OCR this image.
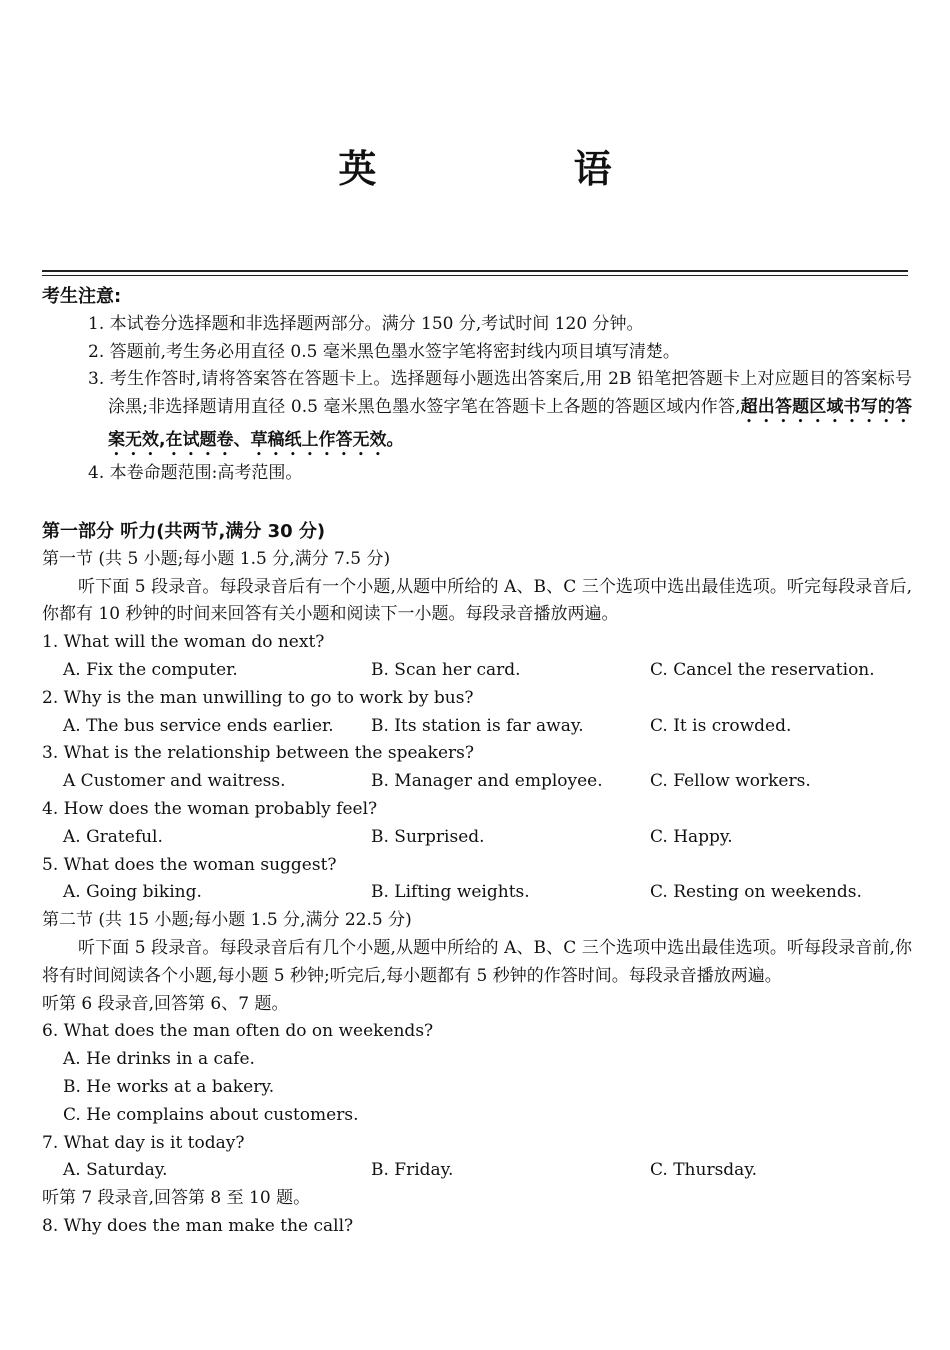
英 语
考生注意:
1. 本试卷分选择题和非选择题两部分。满分 150 分,考试时间 120 分钟。
2. 答题前,考生务必用直径 0.5 毫米黑色墨水签字笔将密封线内项目填写清楚。
3. 考生作答时,请将答案答在答题卡上。选择题每小题选出答案后,用 2B 铅笔把答题卡上对应题目的答案标号涂黑;非选择题请用直径 0.5 毫米黑色墨水签字笔在答题卡上各题的答题区域内作答,超出答题区域书写的答案无效,在试题卷、草稿纸上作答无效。
4. 本卷命题范围:高考范围。
第一部分 听力(共两节,满分 30 分)
第一节 (共 5 小题;每小题 1.5 分,满分 7.5 分)
听下面 5 段录音。每段录音后有一个小题,从题中所给的 A、B、C 三个选项中选出最佳选项。听完每段录音后,你都有 10 秒钟的时间来回答有关小题和阅读下一小题。每段录音播放两遍。
1. What will the woman do next?
A. Fix the computer.	B. Scan her card.	C. Cancel the reservation.
2. Why is the man unwilling to go to work by bus?
A. The bus service ends earlier.	B. Its station is far away.	C. It is crowded.
3. What is the relationship between the speakers?
A Customer and waitress.	B. Manager and employee.	C. Fellow workers.
4. How does the woman probably feel?
A. Grateful.	B. Surprised.	C. Happy.
5. What does the woman suggest?
A. Going biking.	B. Lifting weights.	C. Resting on weekends.
第二节 (共 15 小题;每小题 1.5 分,满分 22.5 分)
听下面 5 段录音。每段录音后有几个小题,从题中所给的 A、B、C 三个选项中选出最佳选项。听每段录音前,你将有时间阅读各个小题,每小题 5 秒钟;听完后,每小题都有 5 秒钟的作答时间。每段录音播放两遍。
听第 6 段录音,回答第 6、7 题。
6. What does the man often do on weekends?
A. He drinks in a cafe.
B. He works at a bakery.
C. He complains about customers.
7. What day is it today?
A. Saturday.	B. Friday.	C. Thursday.
听第 7 段录音,回答第 8 至 10 题。
8. Why does the man make the call?
